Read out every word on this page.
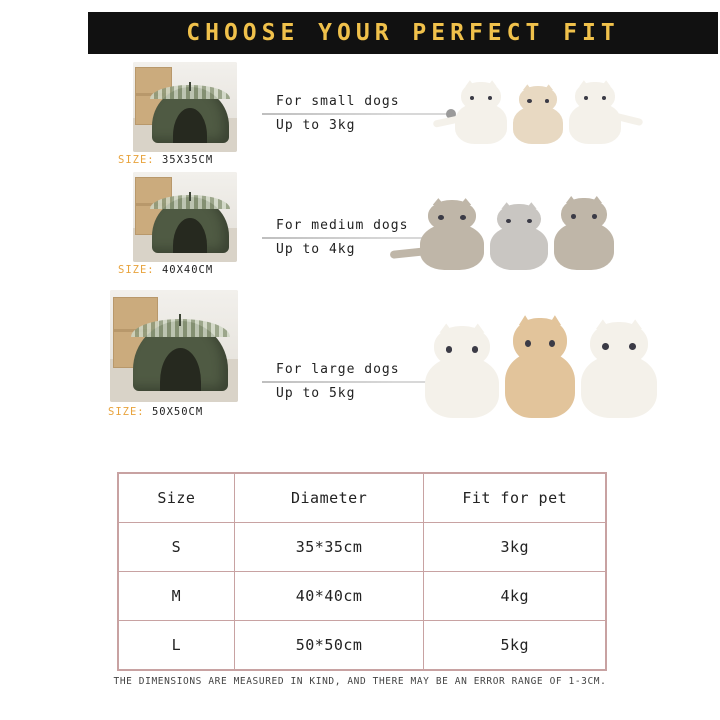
CHOOSE YOUR PERFECT FIT
SIZE: 35X35CM
For small dogs
Up to 3kg
SIZE: 40X40CM
For medium dogs
Up to 4kg
SIZE: 50X50CM
For large dogs
Up to 5kg
Size	Diameter	Fit for pet
S	35*35cm	3kg
M	40*40cm	4kg
L	50*50cm	5kg
THE DIMENSIONS ARE MEASURED IN KIND, AND THERE MAY BE AN ERROR RANGE OF 1-3CM.
